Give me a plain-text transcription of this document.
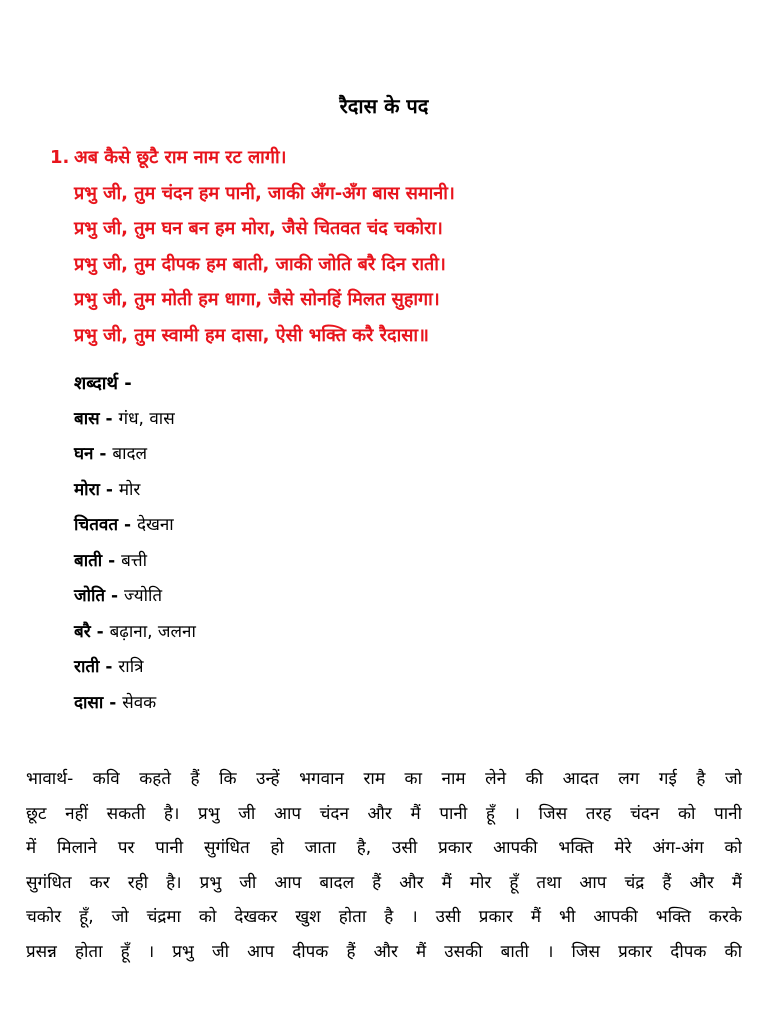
रैदास के पद
1. अब कैसे छूटै राम नाम रट लागी।
प्रभु जी, तुम चंदन हम पानी, जाकी अँग-अँग बास समानी।
प्रभु जी, तुम घन बन हम मोरा, जैसे चितवत चंद चकोरा।
प्रभु जी, तुम दीपक हम बाती, जाकी जोति बरै दिन राती।
प्रभु जी, तुम मोती हम धागा, जैसे सोनहिं मिलत सुहागा।
प्रभु जी, तुम स्वामी हम दासा, ऐसी भक्ति करै रैदासा॥
शब्दार्थ -
बास - गंध, वास
घन - बादल
मोरा - मोर
चितवत - देखना
बाती - बत्ती
जोति - ज्योति
बरै - बढ़ाना, जलना
राती - रात्रि
दासा - सेवक
भावार्थ- कवि कहते हैं कि उन्हें भगवान राम का नाम लेने की आदत लग गई है जो
छूट नहीं सकती है। प्रभु जी आप चंदन और मैं पानी हूँ । जिस तरह चंदन को पानी
में मिलाने पर पानी सुगंधित हो जाता है, उसी प्रकार आपकी भक्ति मेरे अंग-अंग को
सुगंधित कर रही है। प्रभु जी आप बादल हैं और मैं मोर हूँ तथा आप चंद्र हैं और मैं
चकोर हूँ, जो चंद्रमा को देखकर खुश होता है । उसी प्रकार मैं भी आपकी भक्ति करके
प्रसन्न होता हूँ । प्रभु जी आप दीपक हैं और मैं उसकी बाती । जिस प्रकार दीपक की
